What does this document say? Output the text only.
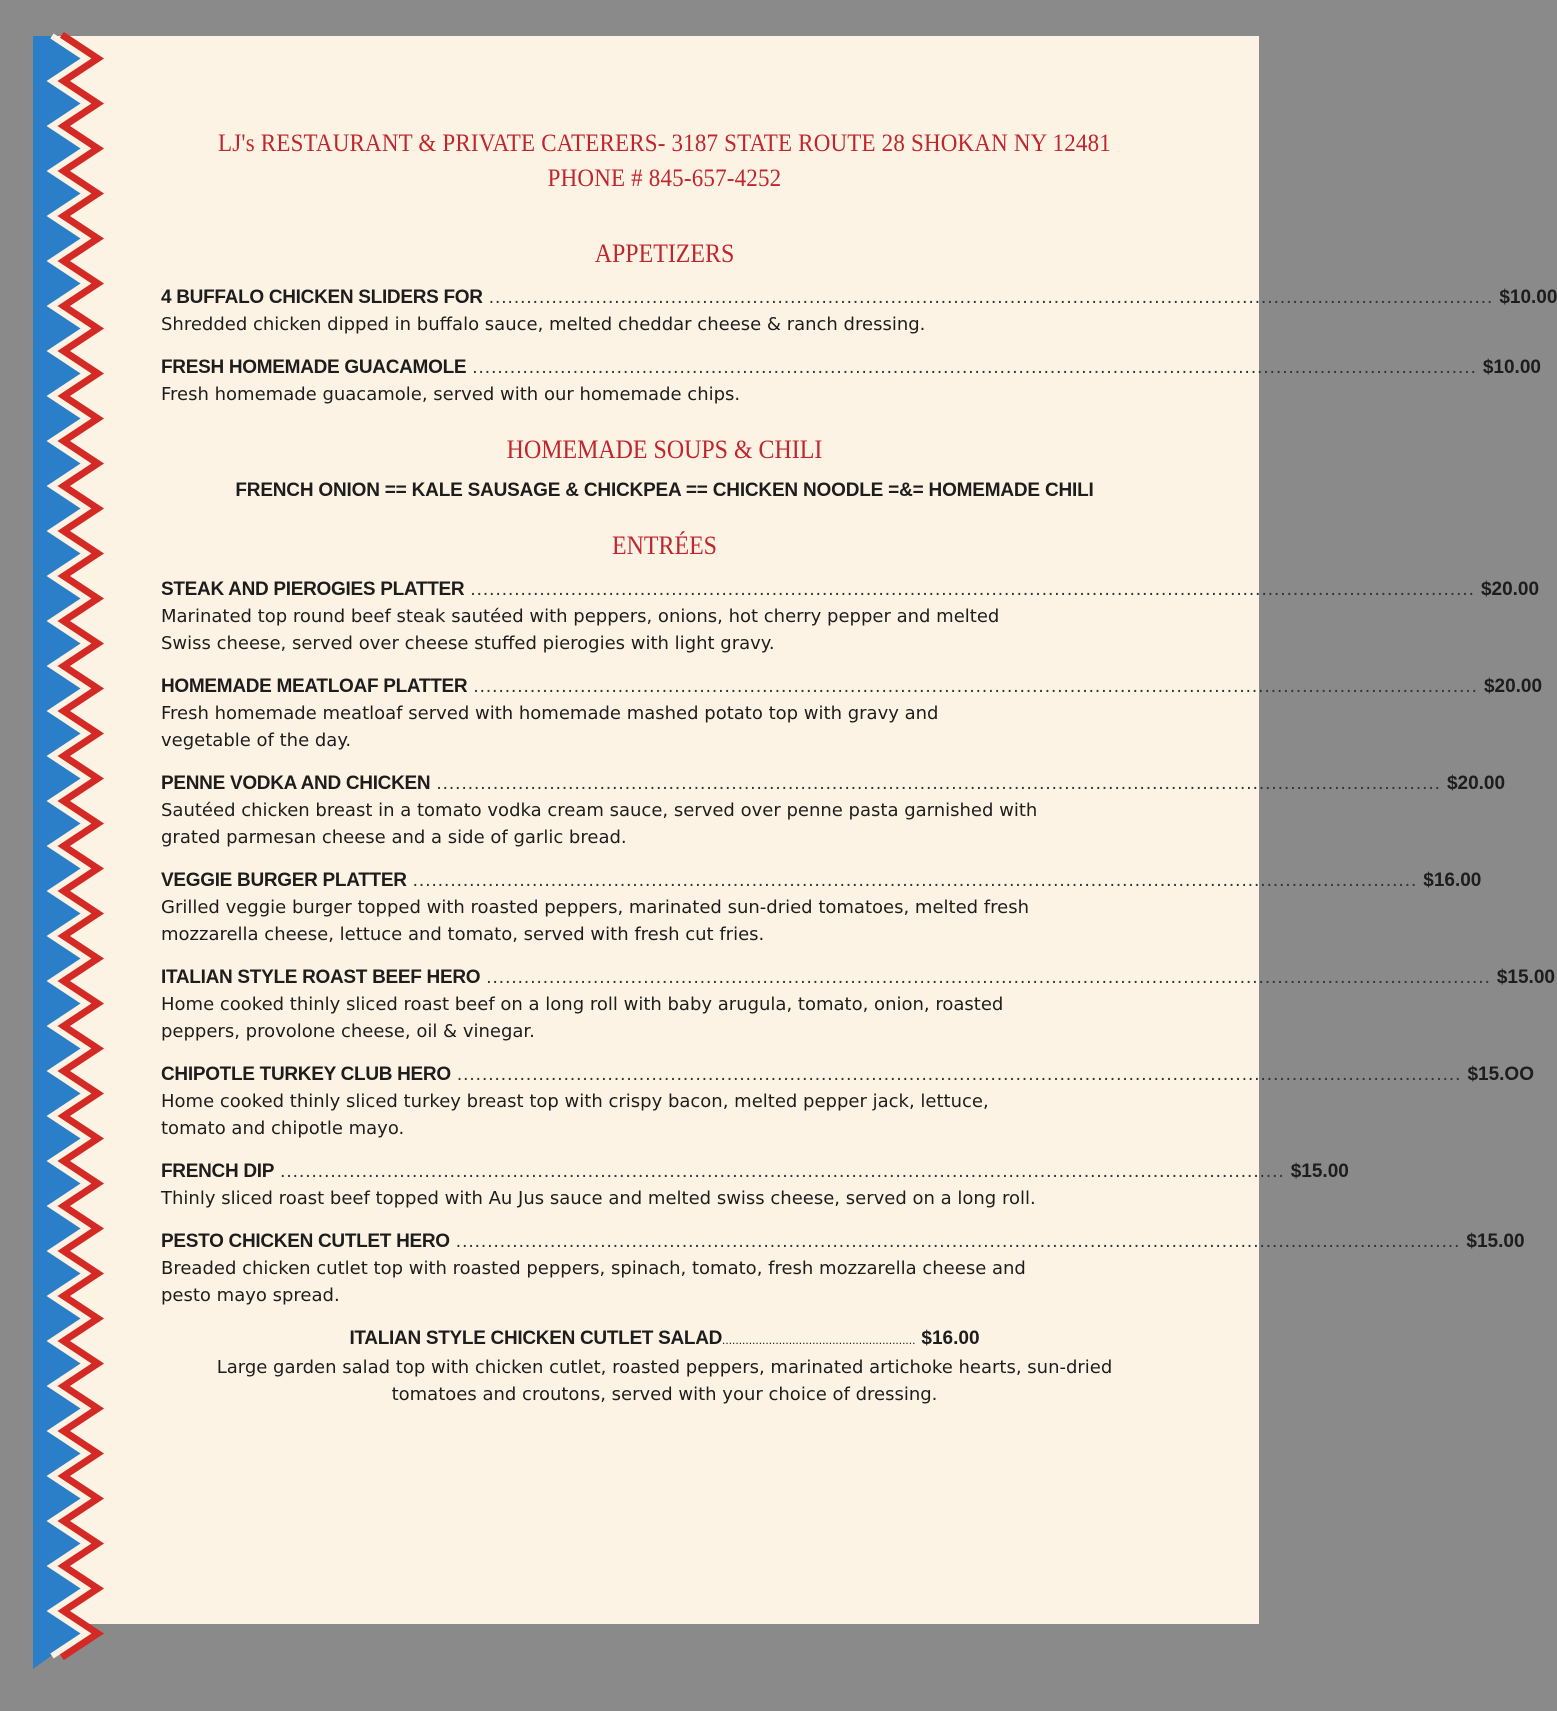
LJ's RESTAURANT & PRIVATE CATERERS- 3187 STATE ROUTE 28 SHOKAN NY 12481
PHONE # 845-657-4252
APPETIZERS
4 BUFFALO CHICKEN SLIDERS FOR ................................................................................................................................................................ $10.00
Shredded chicken dipped in buffalo sauce, melted cheddar cheese & ranch dressing.
FRESH HOMEMADE GUACAMOLE ................................................................................................................................................................ $10.00
Fresh homemade guacamole, served with our homemade chips.
HOMEMADE SOUPS & CHILI
FRENCH ONION == KALE SAUSAGE & CHICKPEA == CHICKEN NOODLE =&= HOMEMADE CHILI
ENTRÉES
STEAK AND PIEROGIES PLATTER ................................................................................................................................................................ $20.00
Marinated top round beef steak sautéed with peppers, onions, hot cherry pepper and melted
Swiss cheese, served over cheese stuffed pierogies with light gravy.
HOMEMADE MEATLOAF PLATTER ................................................................................................................................................................ $20.00
Fresh homemade meatloaf served with homemade mashed potato top with gravy and
vegetable of the day.
PENNE VODKA AND CHICKEN ................................................................................................................................................................ $20.00
Sautéed chicken breast in a tomato vodka cream sauce, served over penne pasta garnished with
grated parmesan cheese and a side of garlic bread.
VEGGIE BURGER PLATTER ................................................................................................................................................................ $16.00
Grilled veggie burger topped with roasted peppers, marinated sun-dried tomatoes, melted fresh
mozzarella cheese, lettuce and tomato, served with fresh cut fries.
ITALIAN STYLE ROAST BEEF HERO ................................................................................................................................................................ $15.00
Home cooked thinly sliced roast beef on a long roll with baby arugula, tomato, onion, roasted
peppers, provolone cheese, oil & vinegar.
CHIPOTLE TURKEY CLUB HERO ................................................................................................................................................................ $15.OO
Home cooked thinly sliced turkey breast top with crispy bacon, melted pepper jack, lettuce,
tomato and chipotle mayo.
FRENCH DIP ................................................................................................................................................................ $15.00
Thinly sliced roast beef topped with Au Jus sauce and melted swiss cheese, served on a long roll.
PESTO CHICKEN CUTLET HERO ................................................................................................................................................................ $15.00
Breaded chicken cutlet top with roasted peppers, spinach, tomato, fresh mozzarella cheese and
pesto mayo spread.
ITALIAN STYLE CHICKEN CUTLET SALAD .......................................................... $16.00
Large garden salad top with chicken cutlet, roasted peppers, marinated artichoke hearts, sun-dried
tomatoes and croutons, served with your choice of dressing.
